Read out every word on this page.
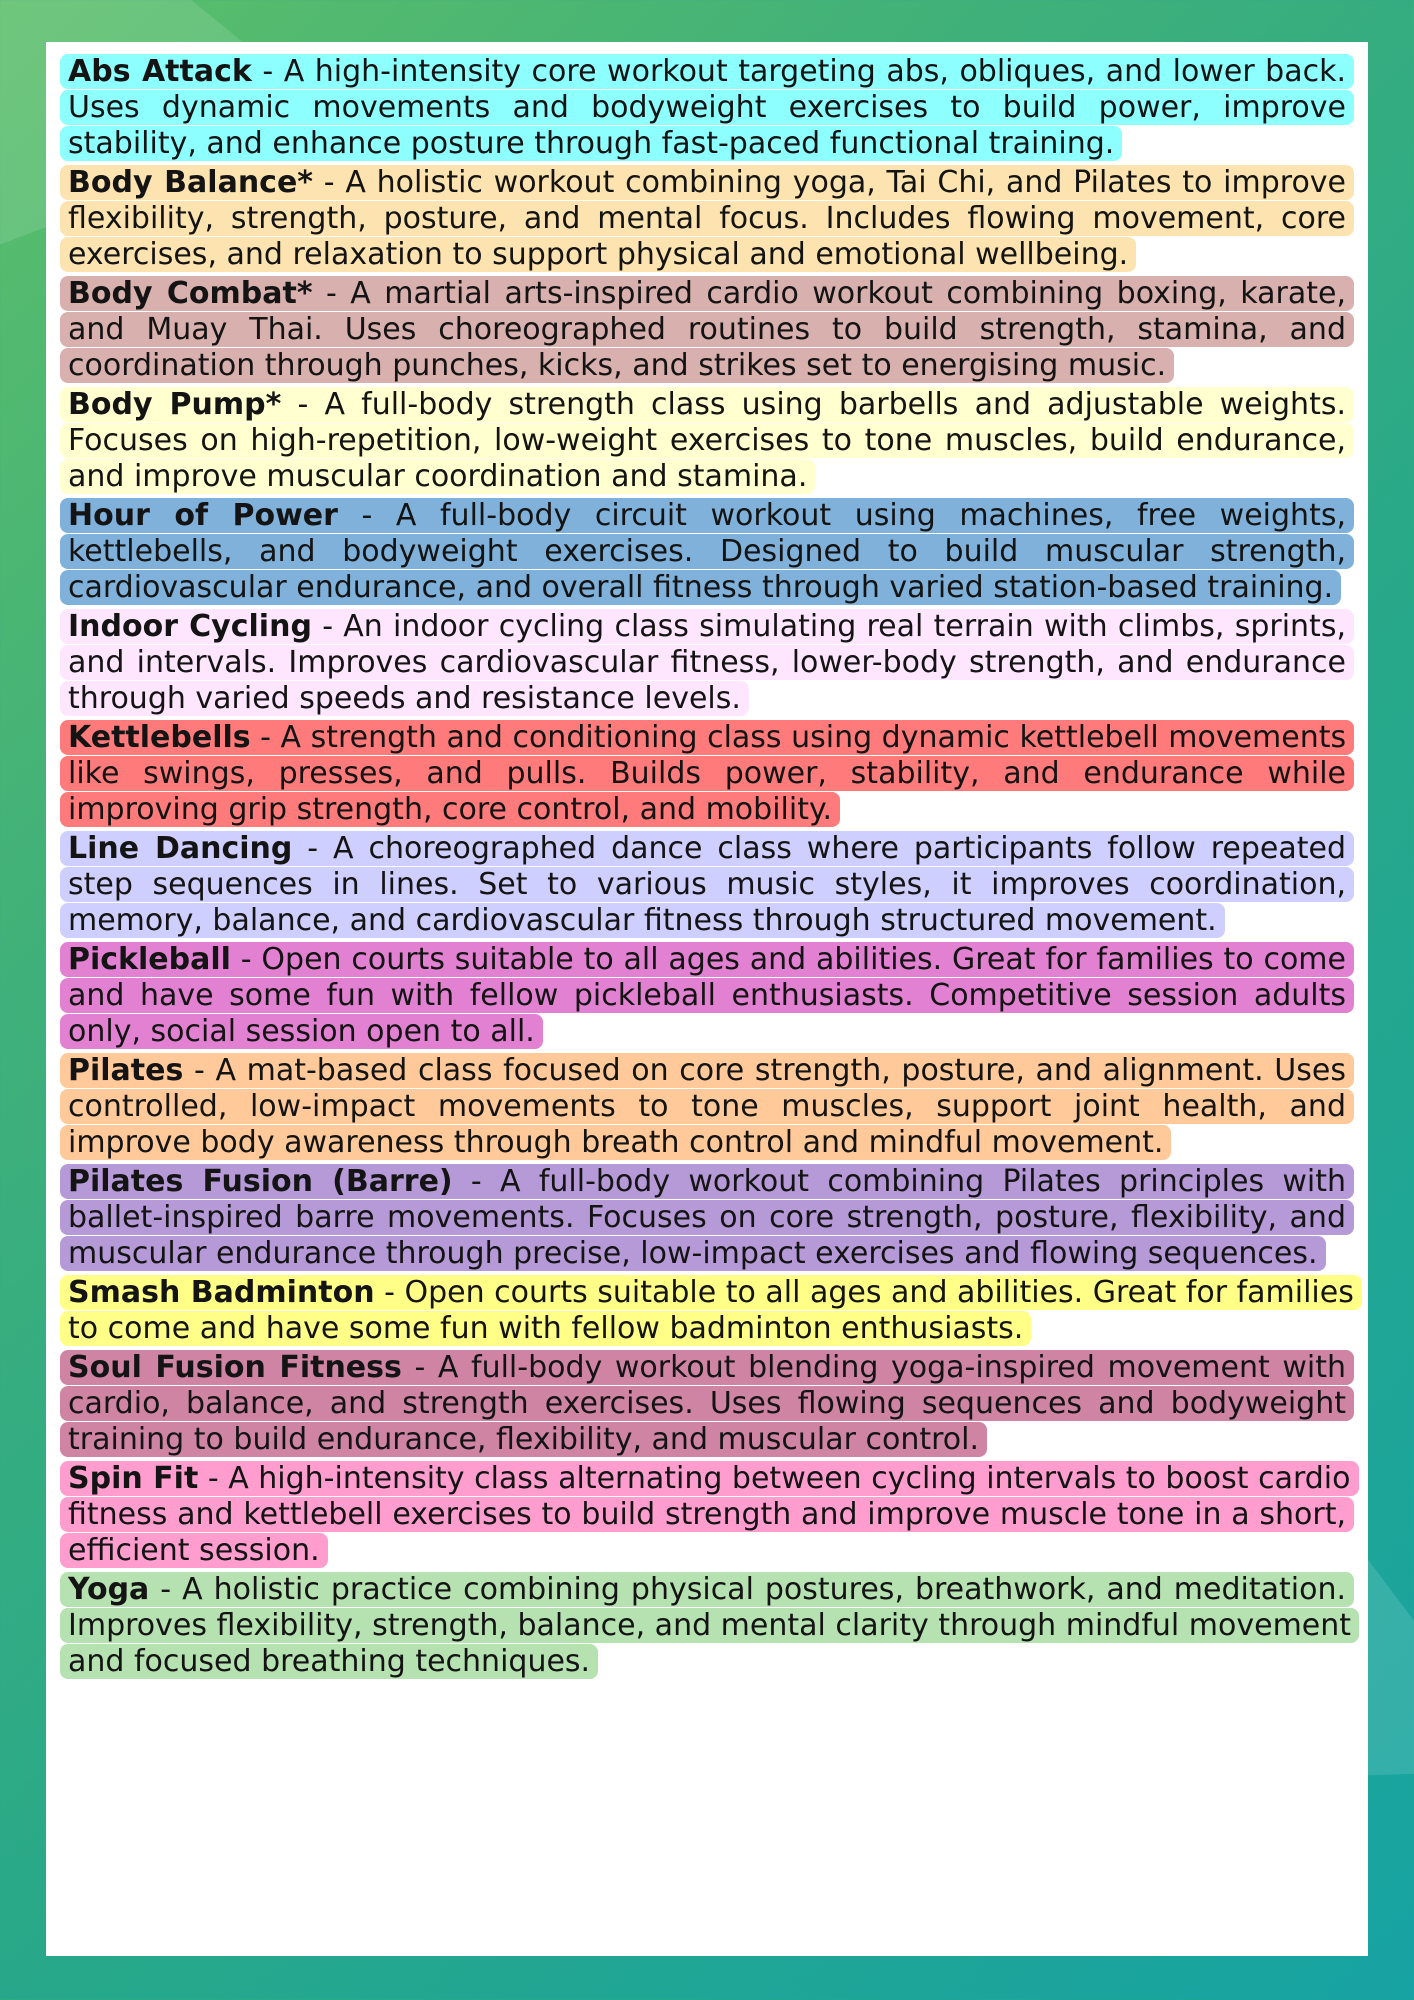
Abs Attack - A high-intensity core workout targeting abs, obliques, and lower back. Uses dynamic movements and bodyweight exercises to build power, improve stability, and enhance posture through fast-paced functional training.
Body Balance* - A holistic workout combining yoga, Tai Chi, and Pilates to improve flexibility, strength, posture, and mental focus. Includes flowing movement, core exercises, and relaxation to support physical and emotional wellbeing.
Body Combat* - A martial arts-inspired cardio workout combining boxing, karate, and Muay Thai. Uses choreographed routines to build strength, stamina, and coordination through punches, kicks, and strikes set to energising music.
Body Pump* - A full-body strength class using barbells and adjustable weights. Focuses on high-repetition, low-weight exercises to tone muscles, build endurance, and improve muscular coordination and stamina.
Hour of Power - A full-body circuit workout using machines, free weights, kettlebells, and bodyweight exercises. Designed to build muscular strength, cardiovascular endurance, and overall fitness through varied station-based training.
Indoor Cycling - An indoor cycling class simulating real terrain with climbs, sprints, and intervals. Improves cardiovascular fitness, lower-body strength, and endurance through varied speeds and resistance levels.
Kettlebells - A strength and conditioning class using dynamic kettlebell movements like swings, presses, and pulls. Builds power, stability, and endurance while improving grip strength, core control, and mobility.
Line Dancing - A choreographed dance class where participants follow repeated step sequences in lines. Set to various music styles, it improves coordination, memory, balance, and cardiovascular fitness through structured movement.
Pickleball - Open courts suitable to all ages and abilities. Great for families to come and have some fun with fellow pickleball enthusiasts. Competitive session adults only, social session open to all.
Pilates - A mat-based class focused on core strength, posture, and alignment. Uses controlled, low-impact movements to tone muscles, support joint health, and improve body awareness through breath control and mindful movement.
Pilates Fusion (Barre) - A full-body workout combining Pilates principles with ballet-inspired barre movements. Focuses on core strength, posture, flexibility, and muscular endurance through precise, low-impact exercises and flowing sequences.
Smash Badminton - Open courts suitable to all ages and abilities. Great for families to come and have some fun with fellow badminton enthusiasts.
Soul Fusion Fitness - A full-body workout blending yoga-inspired movement with cardio, balance, and strength exercises. Uses flowing sequences and bodyweight training to build endurance, flexibility, and muscular control.
Spin Fit - A high-intensity class alternating between cycling intervals to boost cardio fitness and kettlebell exercises to build strength and improve muscle tone in a short, efficient session.
Yoga - A holistic practice combining physical postures, breathwork, and meditation. Improves flexibility, strength, balance, and mental clarity through mindful movement and focused breathing techniques.
